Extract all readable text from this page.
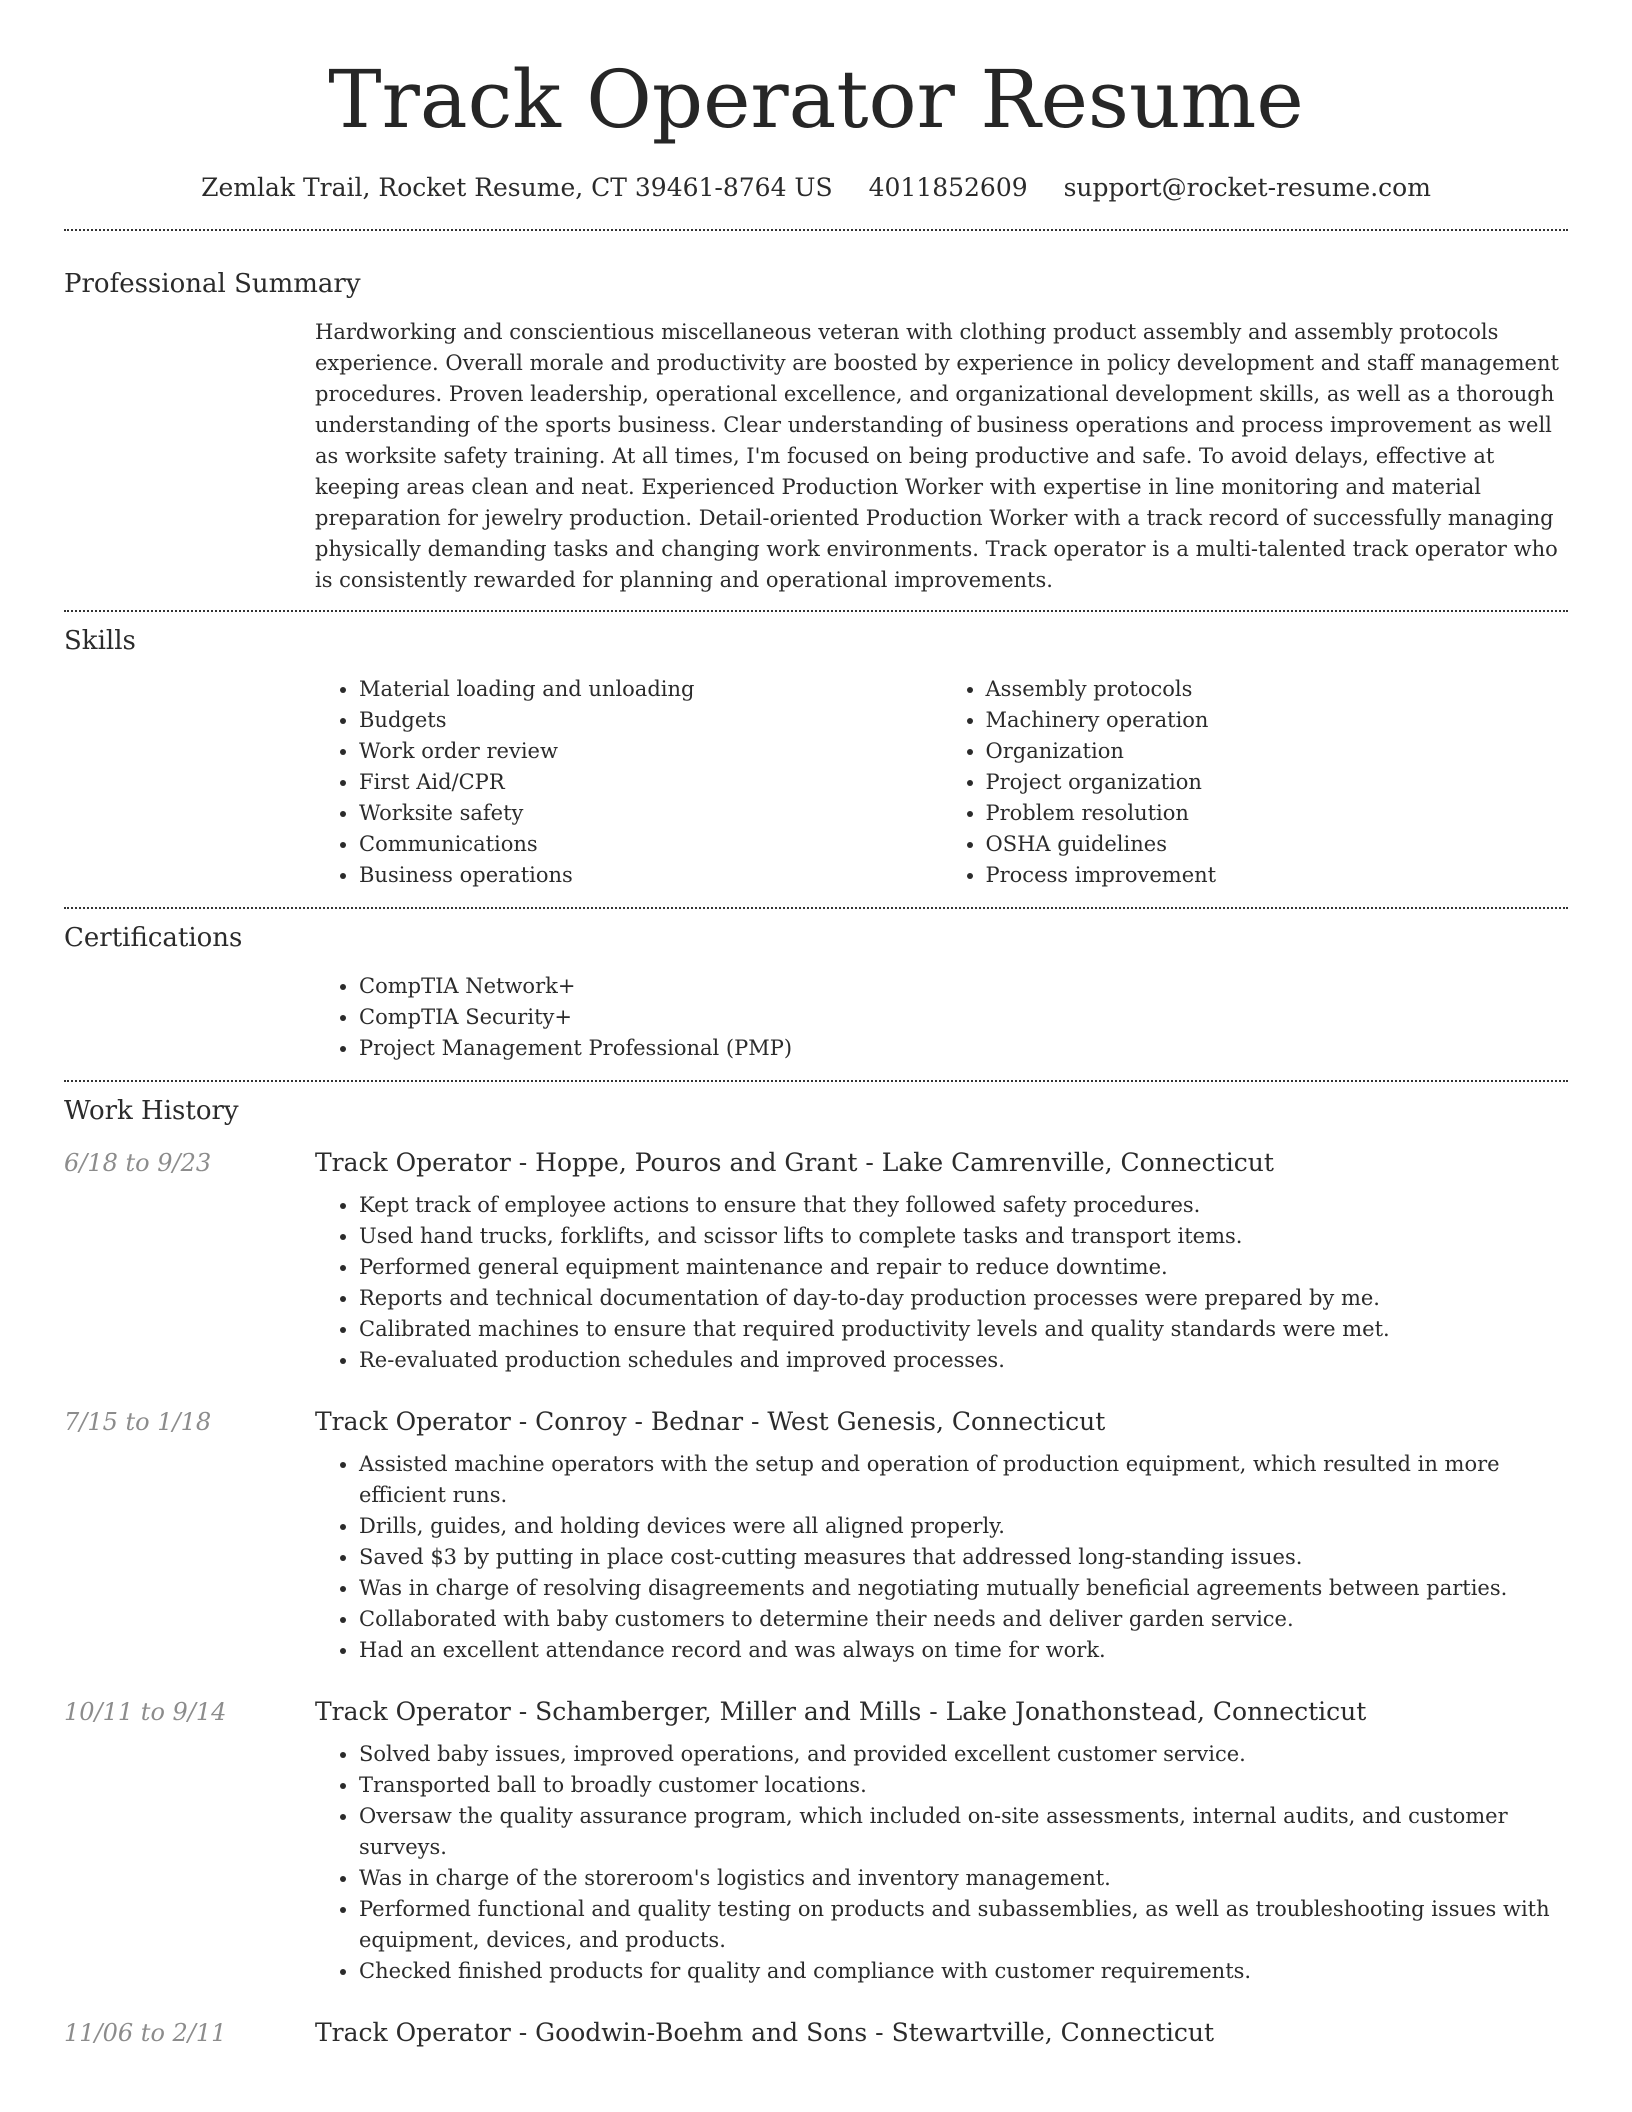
Track Operator Resume
Zemlak Trail, Rocket Resume, CT 39461-8764 US 4011852609 support@rocket-resume.com
Professional Summary
Hardworking and conscientious miscellaneous veteran with clothing product assembly and assembly protocols experience. Overall morale and productivity are boosted by experience in policy development and staff management procedures. Proven leadership, operational excellence, and organizational development skills, as well as a thorough understanding of the sports business. Clear understanding of business operations and process improvement as well as worksite safety training. At all times, I'm focused on being productive and safe. To avoid delays, effective at keeping areas clean and neat. Experienced Production Worker with expertise in line monitoring and material preparation for jewelry production. Detail-oriented Production Worker with a track record of successfully managing physically demanding tasks and changing work environments. Track operator is a multi-talented track operator who is consistently rewarded for planning and operational improvements.
Skills
• Material loading and unloading
• Budgets
• Work order review
• First Aid/CPR
• Worksite safety
• Communications
• Business operations
• Assembly protocols
• Machinery operation
• Organization
• Project organization
• Problem resolution
• OSHA guidelines
• Process improvement
Certifications
• CompTIA Network+
• CompTIA Security+
• Project Management Professional (PMP)
Work History
6/18 to 9/23	Track Operator - Hoppe, Pouros and Grant - Lake Camrenville, Connecticut
• Kept track of employee actions to ensure that they followed safety procedures.
• Used hand trucks, forklifts, and scissor lifts to complete tasks and transport items.
• Performed general equipment maintenance and repair to reduce downtime.
• Reports and technical documentation of day-to-day production processes were prepared by me.
• Calibrated machines to ensure that required productivity levels and quality standards were met.
• Re-evaluated production schedules and improved processes.
7/15 to 1/18	Track Operator - Conroy - Bednar - West Genesis, Connecticut
• Assisted machine operators with the setup and operation of production equipment, which resulted in more efficient runs.
• Drills, guides, and holding devices were all aligned properly.
• Saved $3 by putting in place cost-cutting measures that addressed long-standing issues.
• Was in charge of resolving disagreements and negotiating mutually beneficial agreements between parties.
• Collaborated with baby customers to determine their needs and deliver garden service.
• Had an excellent attendance record and was always on time for work.
10/11 to 9/14	Track Operator - Schamberger, Miller and Mills - Lake Jonathonstead, Connecticut
• Solved baby issues, improved operations, and provided excellent customer service.
• Transported ball to broadly customer locations.
• Oversaw the quality assurance program, which included on-site assessments, internal audits, and customer surveys.
• Was in charge of the storeroom's logistics and inventory management.
• Performed functional and quality testing on products and subassemblies, as well as troubleshooting issues with equipment, devices, and products.
• Checked finished products for quality and compliance with customer requirements.
11/06 to 2/11	Track Operator - Goodwin-Boehm and Sons - Stewartville, Connecticut
